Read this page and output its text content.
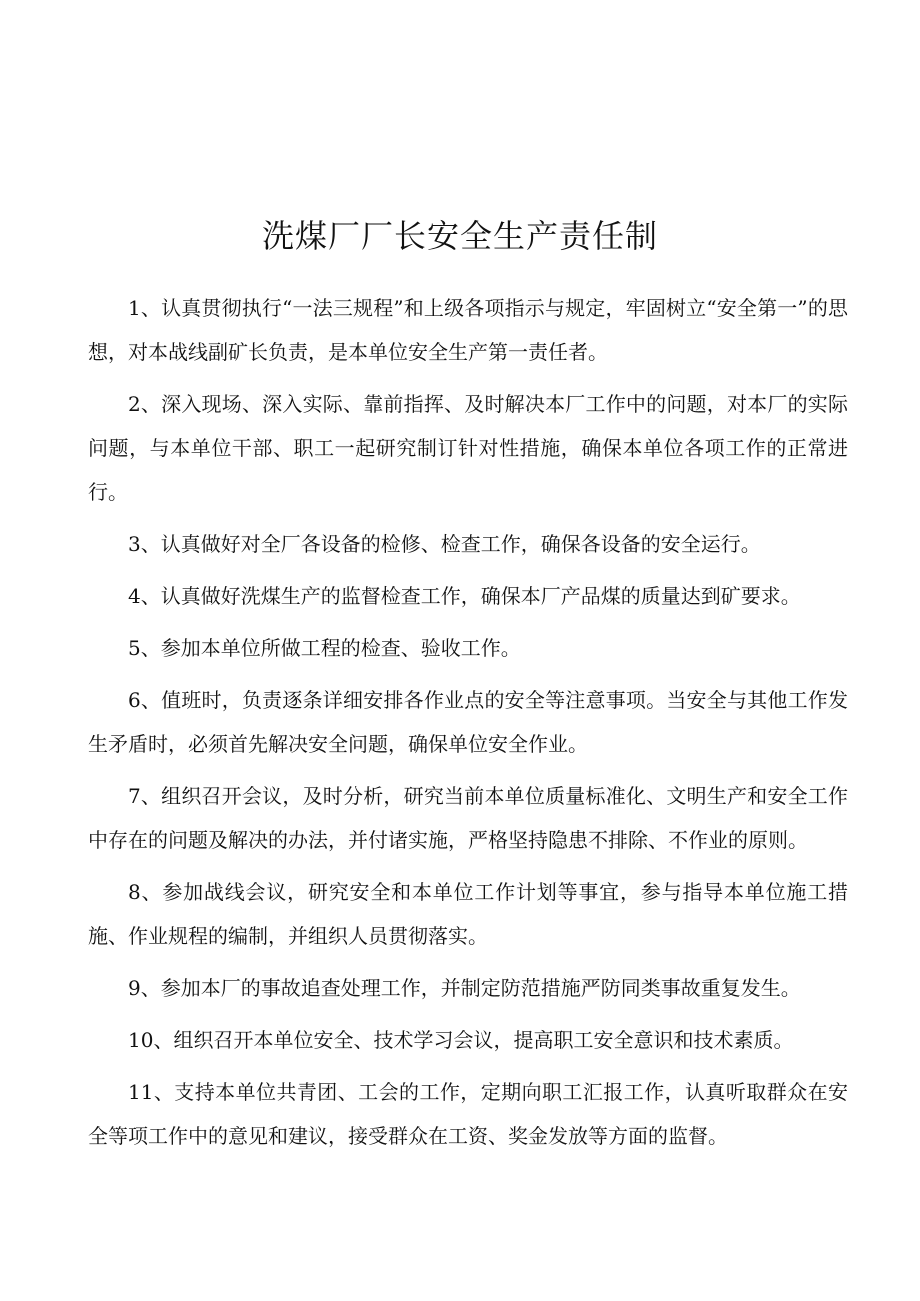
洗煤厂厂长安全生产责任制

1、认真贯彻执行“一法三规程”和上级各项指示与规定，牢固树立“安全第一”的思想，对本战线副矿长负责，是本单位安全生产第一责任者。

2、深入现场、深入实际、靠前指挥、及时解决本厂工作中的问题，对本厂的实际问题，与本单位干部、职工一起研究制订针对性措施，确保本单位各项工作的正常进行。

3、认真做好对全厂各设备的检修、检查工作，确保各设备的安全运行。

4、认真做好洗煤生产的监督检查工作，确保本厂产品煤的质量达到矿要求。

5、参加本单位所做工程的检查、验收工作。

6、值班时，负责逐条详细安排各作业点的安全等注意事项。当安全与其他工作发生矛盾时，必须首先解决安全问题，确保单位安全作业。

7、组织召开会议，及时分析，研究当前本单位质量标准化、文明生产和安全工作中存在的问题及解决的办法，并付诸实施，严格坚持隐患不排除、不作业的原则。

8、参加战线会议，研究安全和本单位工作计划等事宜，参与指导本单位施工措施、作业规程的编制，并组织人员贯彻落实。

9、参加本厂的事故追查处理工作，并制定防范措施严防同类事故重复发生。

10、组织召开本单位安全、技术学习会议，提高职工安全意识和技术素质。

11、支持本单位共青团、工会的工作，定期向职工汇报工作，认真听取群众在安全等项工作中的意见和建议，接受群众在工资、奖金发放等方面的监督。
